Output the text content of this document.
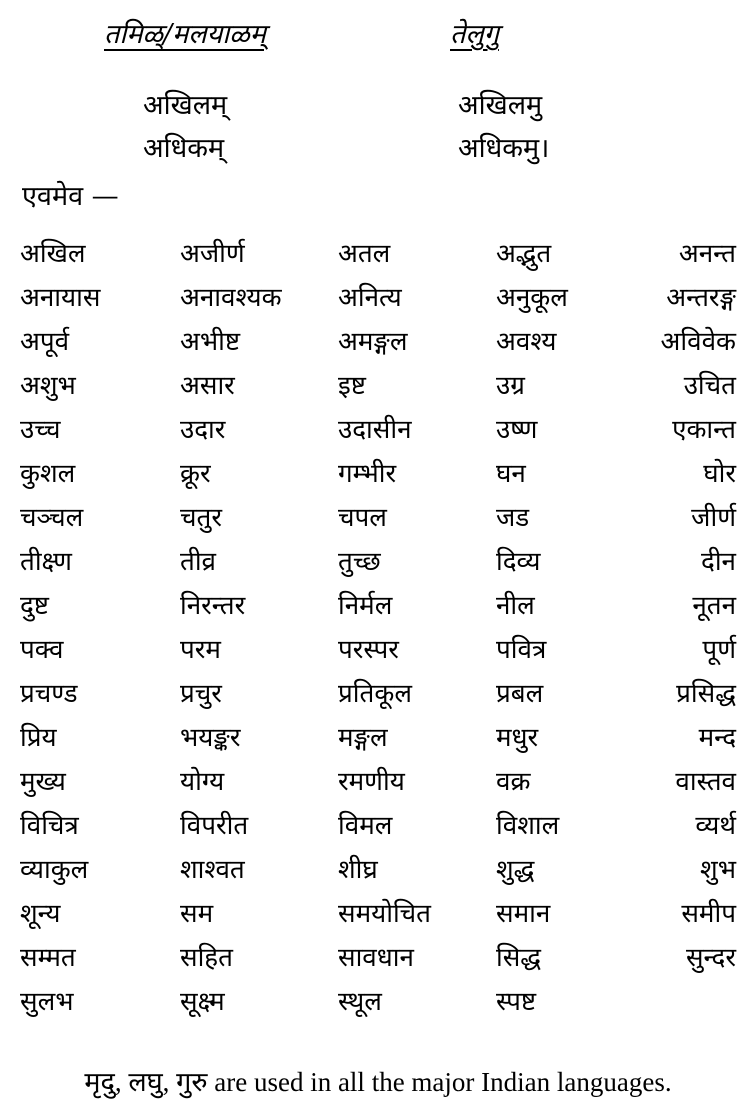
तमिळ्/मलयाळम्	तेलुगु
अखिलम्	अखिलमु
अधिकम्	अधिकमु।
एवमेव —
अखिल	अजीर्ण	अतल	अद्भुत	अनन्त
अनायास	अनावश्यक	अनित्य	अनुकूल	अन्तरङ्ग
अपूर्व	अभीष्ट	अमङ्गल	अवश्य	अविवेक
अशुभ	असार	इष्ट	उग्र	उचित
उच्च	उदार	उदासीन	उष्ण	एकान्त
कुशल	क्रूर	गम्भीर	घन	घोर
चञ्चल	चतुर	चपल	जड	जीर्ण
तीक्ष्ण	तीव्र	तुच्छ	दिव्य	दीन
दुष्ट	निरन्तर	निर्मल	नील	नूतन
पक्व	परम	परस्पर	पवित्र	पूर्ण
प्रचण्ड	प्रचुर	प्रतिकूल	प्रबल	प्रसिद्ध
प्रिय	भयङ्कर	मङ्गल	मधुर	मन्द
मुख्य	योग्य	रमणीय	वक्र	वास्तव
विचित्र	विपरीत	विमल	विशाल	व्यर्थ
व्याकुल	शाश्वत	शीघ्र	शुद्ध	शुभ
शून्य	सम	समयोचित	समान	समीप
सम्मत	सहित	सावधान	सिद्ध	सुन्दर
सुलभ	सूक्ष्म	स्थूल	स्पष्ट
मृदु, लघु, गुरु are used in all the major Indian languages.
